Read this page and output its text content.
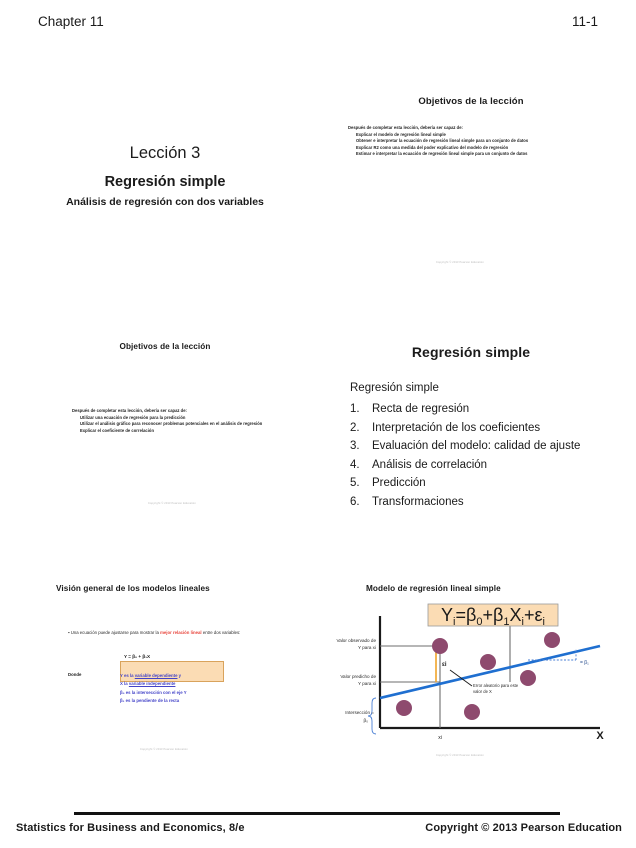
Chapter 11	11-1
Lección 3
Regresión simple
Análisis de regresión con dos variables
Objetivos de la lección
Después de completar esta lección, debería ser capaz de:
Explicar el modelo de regresión lineal simple
Obtener e interpretar la ecuación de regresión lineal simple para un conjunto de datos
Explicar R2 como una medida del poder explicativo del modelo de regresión
Estimar e interpretar la ecuación de regresión lineal simple para un conjunto de datos
Copyright © 2013 Pearson Education
Objetivos de la lección
Después de completar esta lección, debería ser capaz de:
Utilizar una ecuación de regresión para la predicción
Utilizar el análisis gráfico para reconocer problemas potenciales en el análisis de regresión
Explicar el coeficiente de correlación
Copyright © 2013 Pearson Education
Regresión simple
Regresión simple
1.	Recta de regresión
2.	Interpretación de los coeficientes
3.	Evaluación del modelo: calidad de ajuste
4.	Análisis de correlación
5.	Predicción
6.	Transformaciones
Visión general de los modelos lineales
▪ Una ecuación puede ajustarse para mostrar la mejor relación lineal entre dos variables:
Y = β₀ + β₁X
Donde	Y es la variable dependiente y
X la variable independiente
β₀ es la intersección con el eje Y
β₁ es la pendiente de la recta
Copyright © 2013 Pearson Education
Modelo de regresión lineal simple
$Y_i=\beta_0+\beta_1X_i+\varepsilon_i$
Valor observado de
Y para xi
Valor predicho de
Y para xi
Intersección =
β₀
εi
Error aleatorio para este
valor de X
= β₁
xi	X
Copyright © 2013 Pearson Education
Statistics for Business and Economics, 8/e	Copyright © 2013 Pearson Education
